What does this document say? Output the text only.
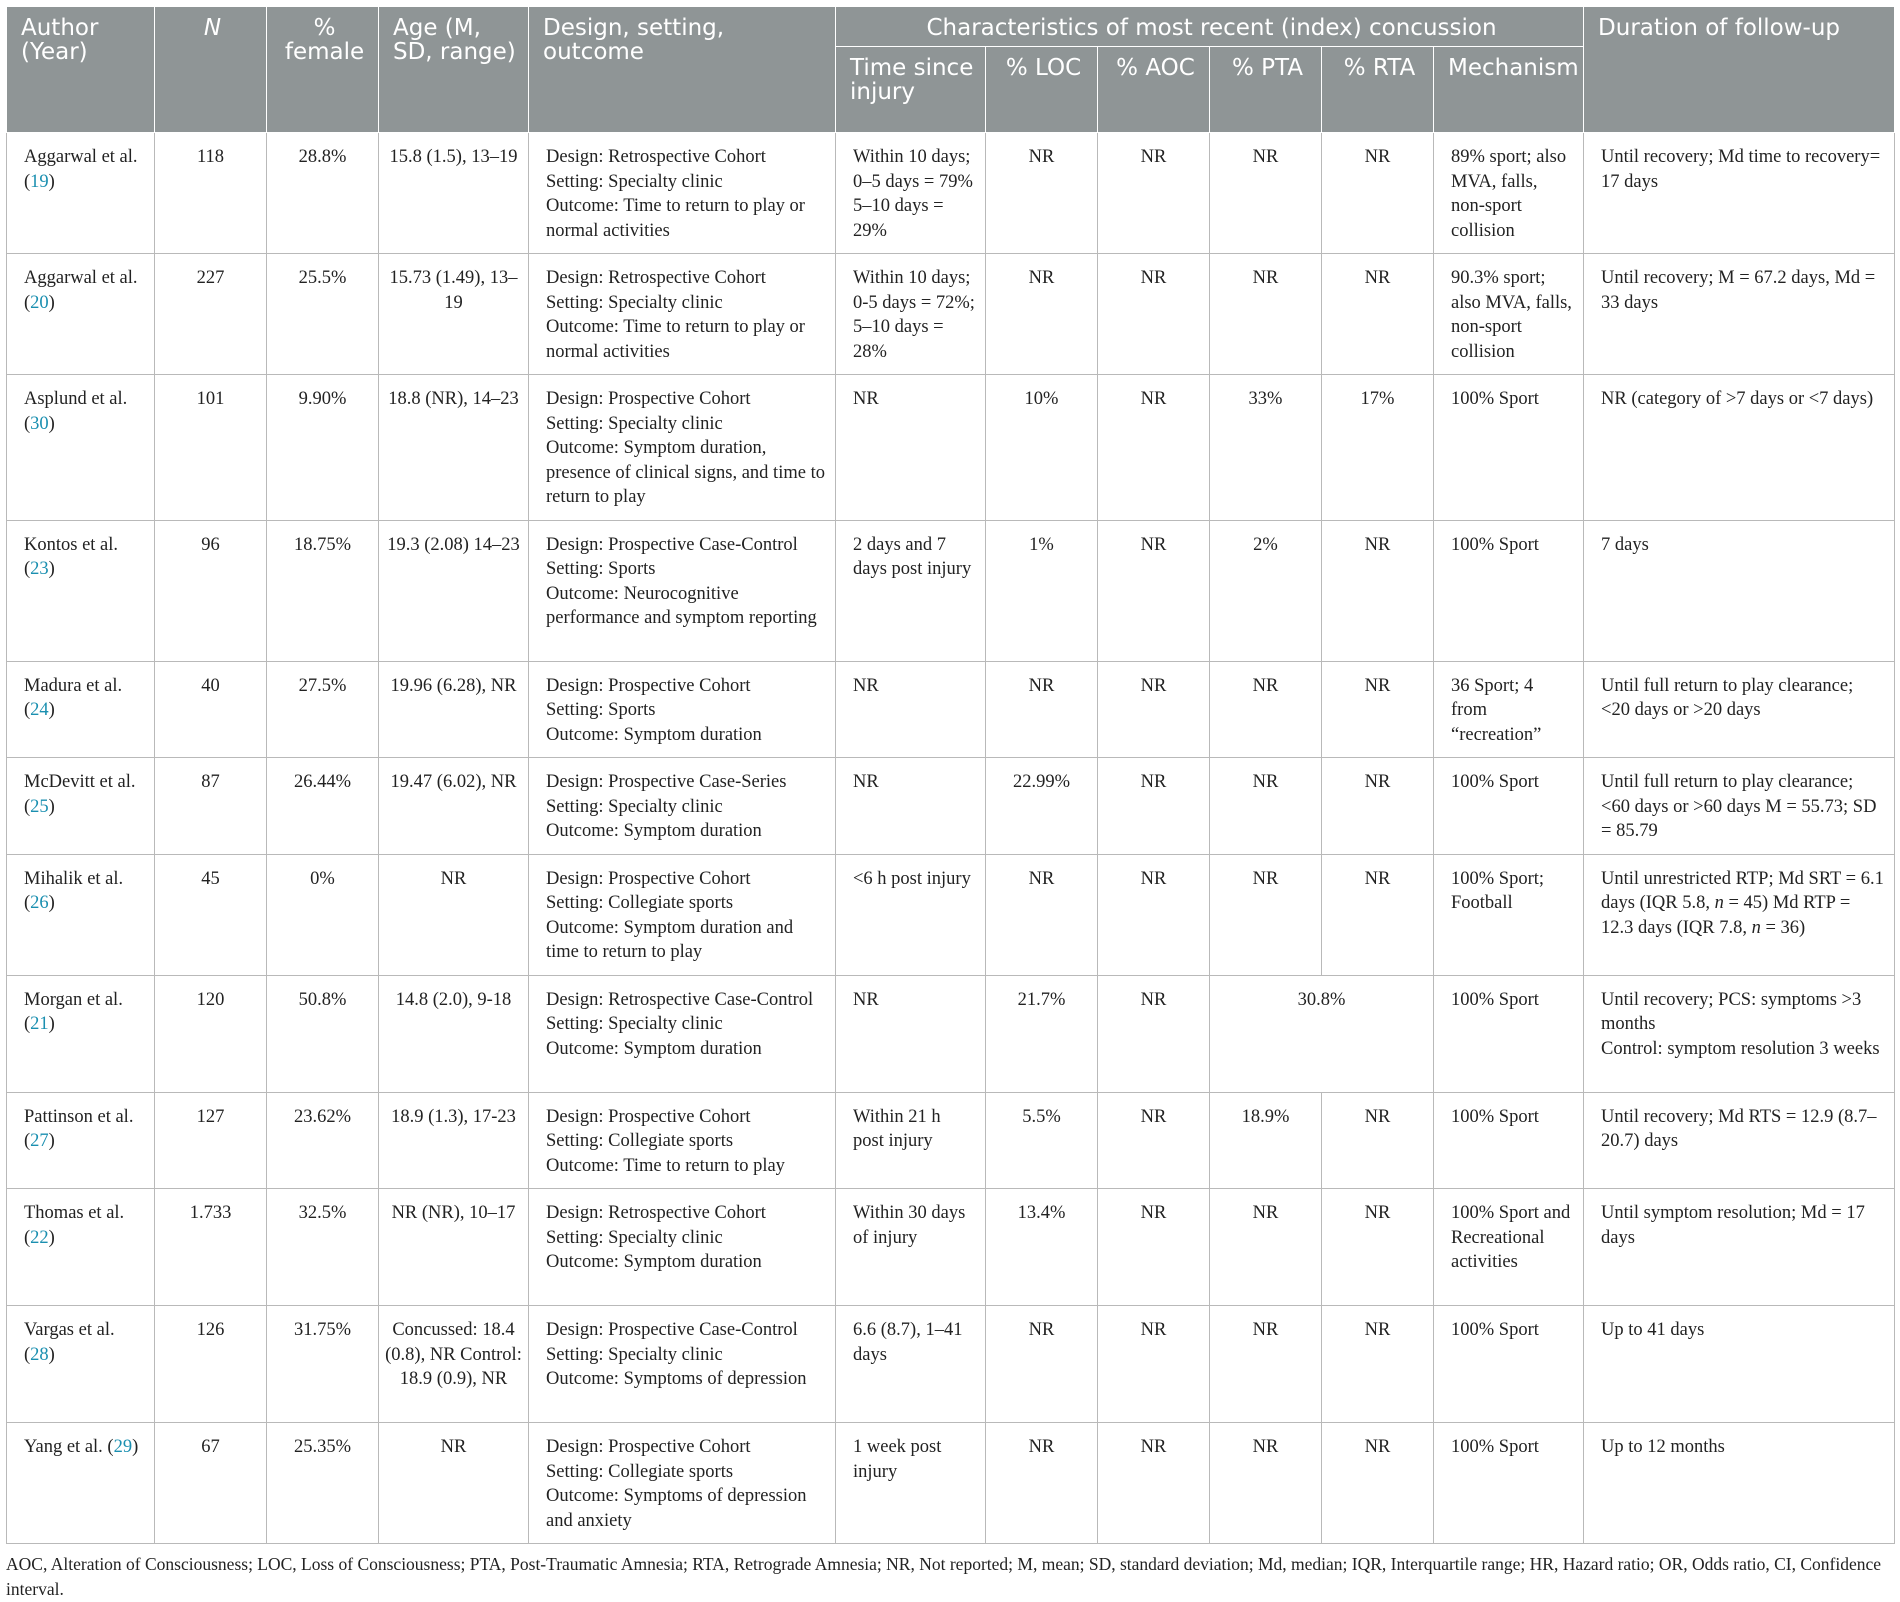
Author (Year)	N	% female	Age (M, SD, range)	Design, setting, outcome	Characteristics of most recent (index) concussion						Duration of follow-up
					Time since injury	% LOC	% AOC	% PTA	% RTA	Mechanism	
Aggarwal et al.
(19)	118	28.8%	15.8 (1.5), 13–19	Design: Retrospective Cohort
Setting: Specialty clinic
Outcome: Time to return to play or normal activities	Within 10 days; 0–5 days = 79% 5–10 days = 29%	NR	NR	NR	NR	89% sport; also MVA, falls, non-sport collision	Until recovery; Md time to recovery= 17 days
Aggarwal et al.
(20)	227	25.5%	15.73 (1.49), 13–19	Design: Retrospective Cohort
Setting: Specialty clinic
Outcome: Time to return to play or normal activities	Within 10 days; 0-5 days = 72%; 5–10 days = 28%	NR	NR	NR	NR	90.3% sport; also MVA, falls, non-sport collision	Until recovery; M = 67.2 days, Md = 33 days
Asplund et al.
(30)	101	9.90%	18.8 (NR), 14–23	Design: Prospective Cohort
Setting: Specialty clinic
Outcome: Symptom duration, presence of clinical signs, and time to return to play	NR	10%	NR	33%	17%	100% Sport	NR (category of >7 days or <7 days)
Kontos et al.
(23)	96	18.75%	19.3 (2.08) 14–23	Design: Prospective Case-Control
Setting: Sports
Outcome: Neurocognitive performance and symptom reporting	2 days and 7 days post injury	1%	NR	2%	NR	100% Sport	7 days
Madura et al.
(24)	40	27.5%	19.96 (6.28), NR	Design: Prospective Cohort
Setting: Sports
Outcome: Symptom duration	NR	NR	NR	NR	NR	36 Sport; 4 from “recreation”	Until full return to play clearance; <20 days or >20 days
McDevitt et al.
(25)	87	26.44%	19.47 (6.02), NR	Design: Prospective Case-Series
Setting: Specialty clinic
Outcome: Symptom duration	NR	22.99%	NR	NR	NR	100% Sport	Until full return to play clearance; <60 days or >60 days M = 55.73; SD = 85.79
Mihalik et al.
(26)	45	0%	NR	Design: Prospective Cohort
Setting: Collegiate sports
Outcome: Symptom duration and time to return to play	<6 h post injury	NR	NR	NR	NR	100% Sport; Football	Until unrestricted RTP; Md SRT = 6.1 days (IQR 5.8, n = 45) Md RTP = 12.3 days (IQR 7.8, n = 36)
Morgan et al.
(21)	120	50.8%	14.8 (2.0), 9-18	Design: Retrospective Case-Control
Setting: Specialty clinic
Outcome: Symptom duration	NR	21.7%	NR	30.8%		100% Sport	Until recovery; PCS: symptoms >3 months
Control: symptom resolution 3 weeks

Pattinson et al.
(27)	127	23.62%	18.9 (1.3), 17-23	Design: Prospective Cohort
Setting: Collegiate sports
Outcome: Time to return to play	Within 21 h post injury	5.5%	NR	18.9%	NR	100% Sport	Until recovery; Md RTS = 12.9 (8.7–20.7) days
Thomas et al.
(22)	1.733	32.5%	NR (NR), 10–17	Design: Retrospective Cohort
Setting: Specialty clinic
Outcome: Symptom duration	Within 30 days of injury	13.4%	NR	NR	NR	100% Sport and Recreational activities	Until symptom resolution; Md = 17 days
Vargas et al.
(28)	126	31.75%	Concussed: 18.4 (0.8), NR Control: 18.9 (0.9), NR	Design: Prospective Case-Control
Setting: Specialty clinic
Outcome: Symptoms of depression	6.6 (8.7), 1–41 days	NR	NR	NR	NR	100% Sport	Up to 41 days
Yang et al. (29)	67	25.35%	NR	Design: Prospective Cohort
Setting: Collegiate sports
Outcome: Symptoms of depression and anxiety	1 week post injury	NR	NR	NR	NR	100% Sport	Up to 12 months

AOC, Alteration of Consciousness; LOC, Loss of Consciousness; PTA, Post-Traumatic Amnesia; RTA, Retrograde Amnesia; NR, Not reported; M, mean; SD, standard deviation; Md, median; IQR, Interquartile range; HR, Hazard ratio; OR, Odds ratio, CI, Confidence interval.
